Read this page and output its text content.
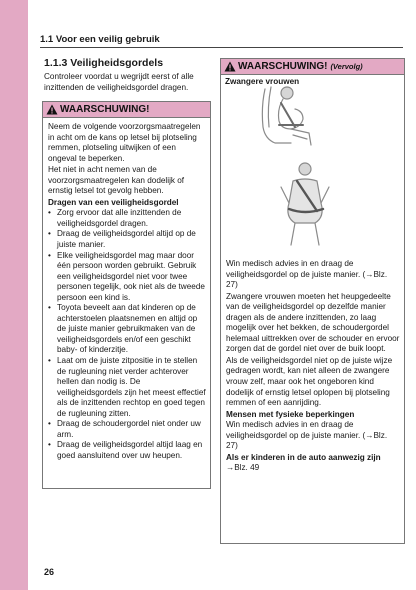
1.1 Voor een veilig gebruik
1.1.3 Veiligheidsgordels
Controleer voordat u wegrijdt eerst of alle inzittenden de veiligheidsgordel dragen.
WAARSCHUWING!

Neem de volgende voorzorgsmaatregelen in acht om de kans op letsel bij plotseling remmen, plotseling uitwijken of een ongeval te beperken.

Het niet in acht nemen van de voorzorgsmaatregelen kan dodelijk of ernstig letsel tot gevolg hebben.

Dragen van een veiligheidsgordel

• Zorg ervoor dat alle inzittenden de veiligheidsgordel dragen.
• Draag de veiligheidsgordel altijd op de juiste manier.
• Elke veiligheidsgordel mag maar door één persoon worden gebruikt. Gebruik een veiligheidsgordel niet voor twee personen tegelijk, ook niet als de tweede persoon een kind is.
• Toyota beveelt aan dat kinderen op de achterstoelen plaatsnemen en altijd op de juiste manier gebruikmaken van de veiligheidsgordels en/of een geschikt baby- of kinderzitje.
• Laat om de juiste zitpositie in te stellen de rugleuning niet verder achterover hellen dan nodig is. De veiligheidsgordels zijn het meest effectief als de inzittenden rechtop en goed tegen de rugleuning zitten.
• Draag de schoudergordel niet onder uw arm.
• Draag de veiligheidsgordel altijd laag en goed aansluitend over uw heupen.
WAARSCHUWING! (Vervolg)
Zwangere vrouwen

Win medisch advies in en draag de veiligheidsgordel op de juiste manier. (→Blz. 27)

Zwangere vrouwen moeten het heupgedeelte van de veiligheidsgordel op dezelfde manier dragen als de andere inzittenden, zo laag mogelijk over het bekken, de schoudergordel helemaal uittrekken over de schouder en ervoor zorgen dat de gordel niet over de buik loopt.

Als de veiligheidsgordel niet op de juiste wijze gedragen wordt, kan niet alleen de zwangere vrouw zelf, maar ook het ongeboren kind dodelijk of ernstig letsel oplopen bij plotseling remmen of een aanrijding.

Mensen met fysieke beperkingen

Win medisch advies in en draag de veiligheidsgordel op de juiste manier. (→Blz. 27)

Als er kinderen in de auto aanwezig zijn

→Blz. 49

26
